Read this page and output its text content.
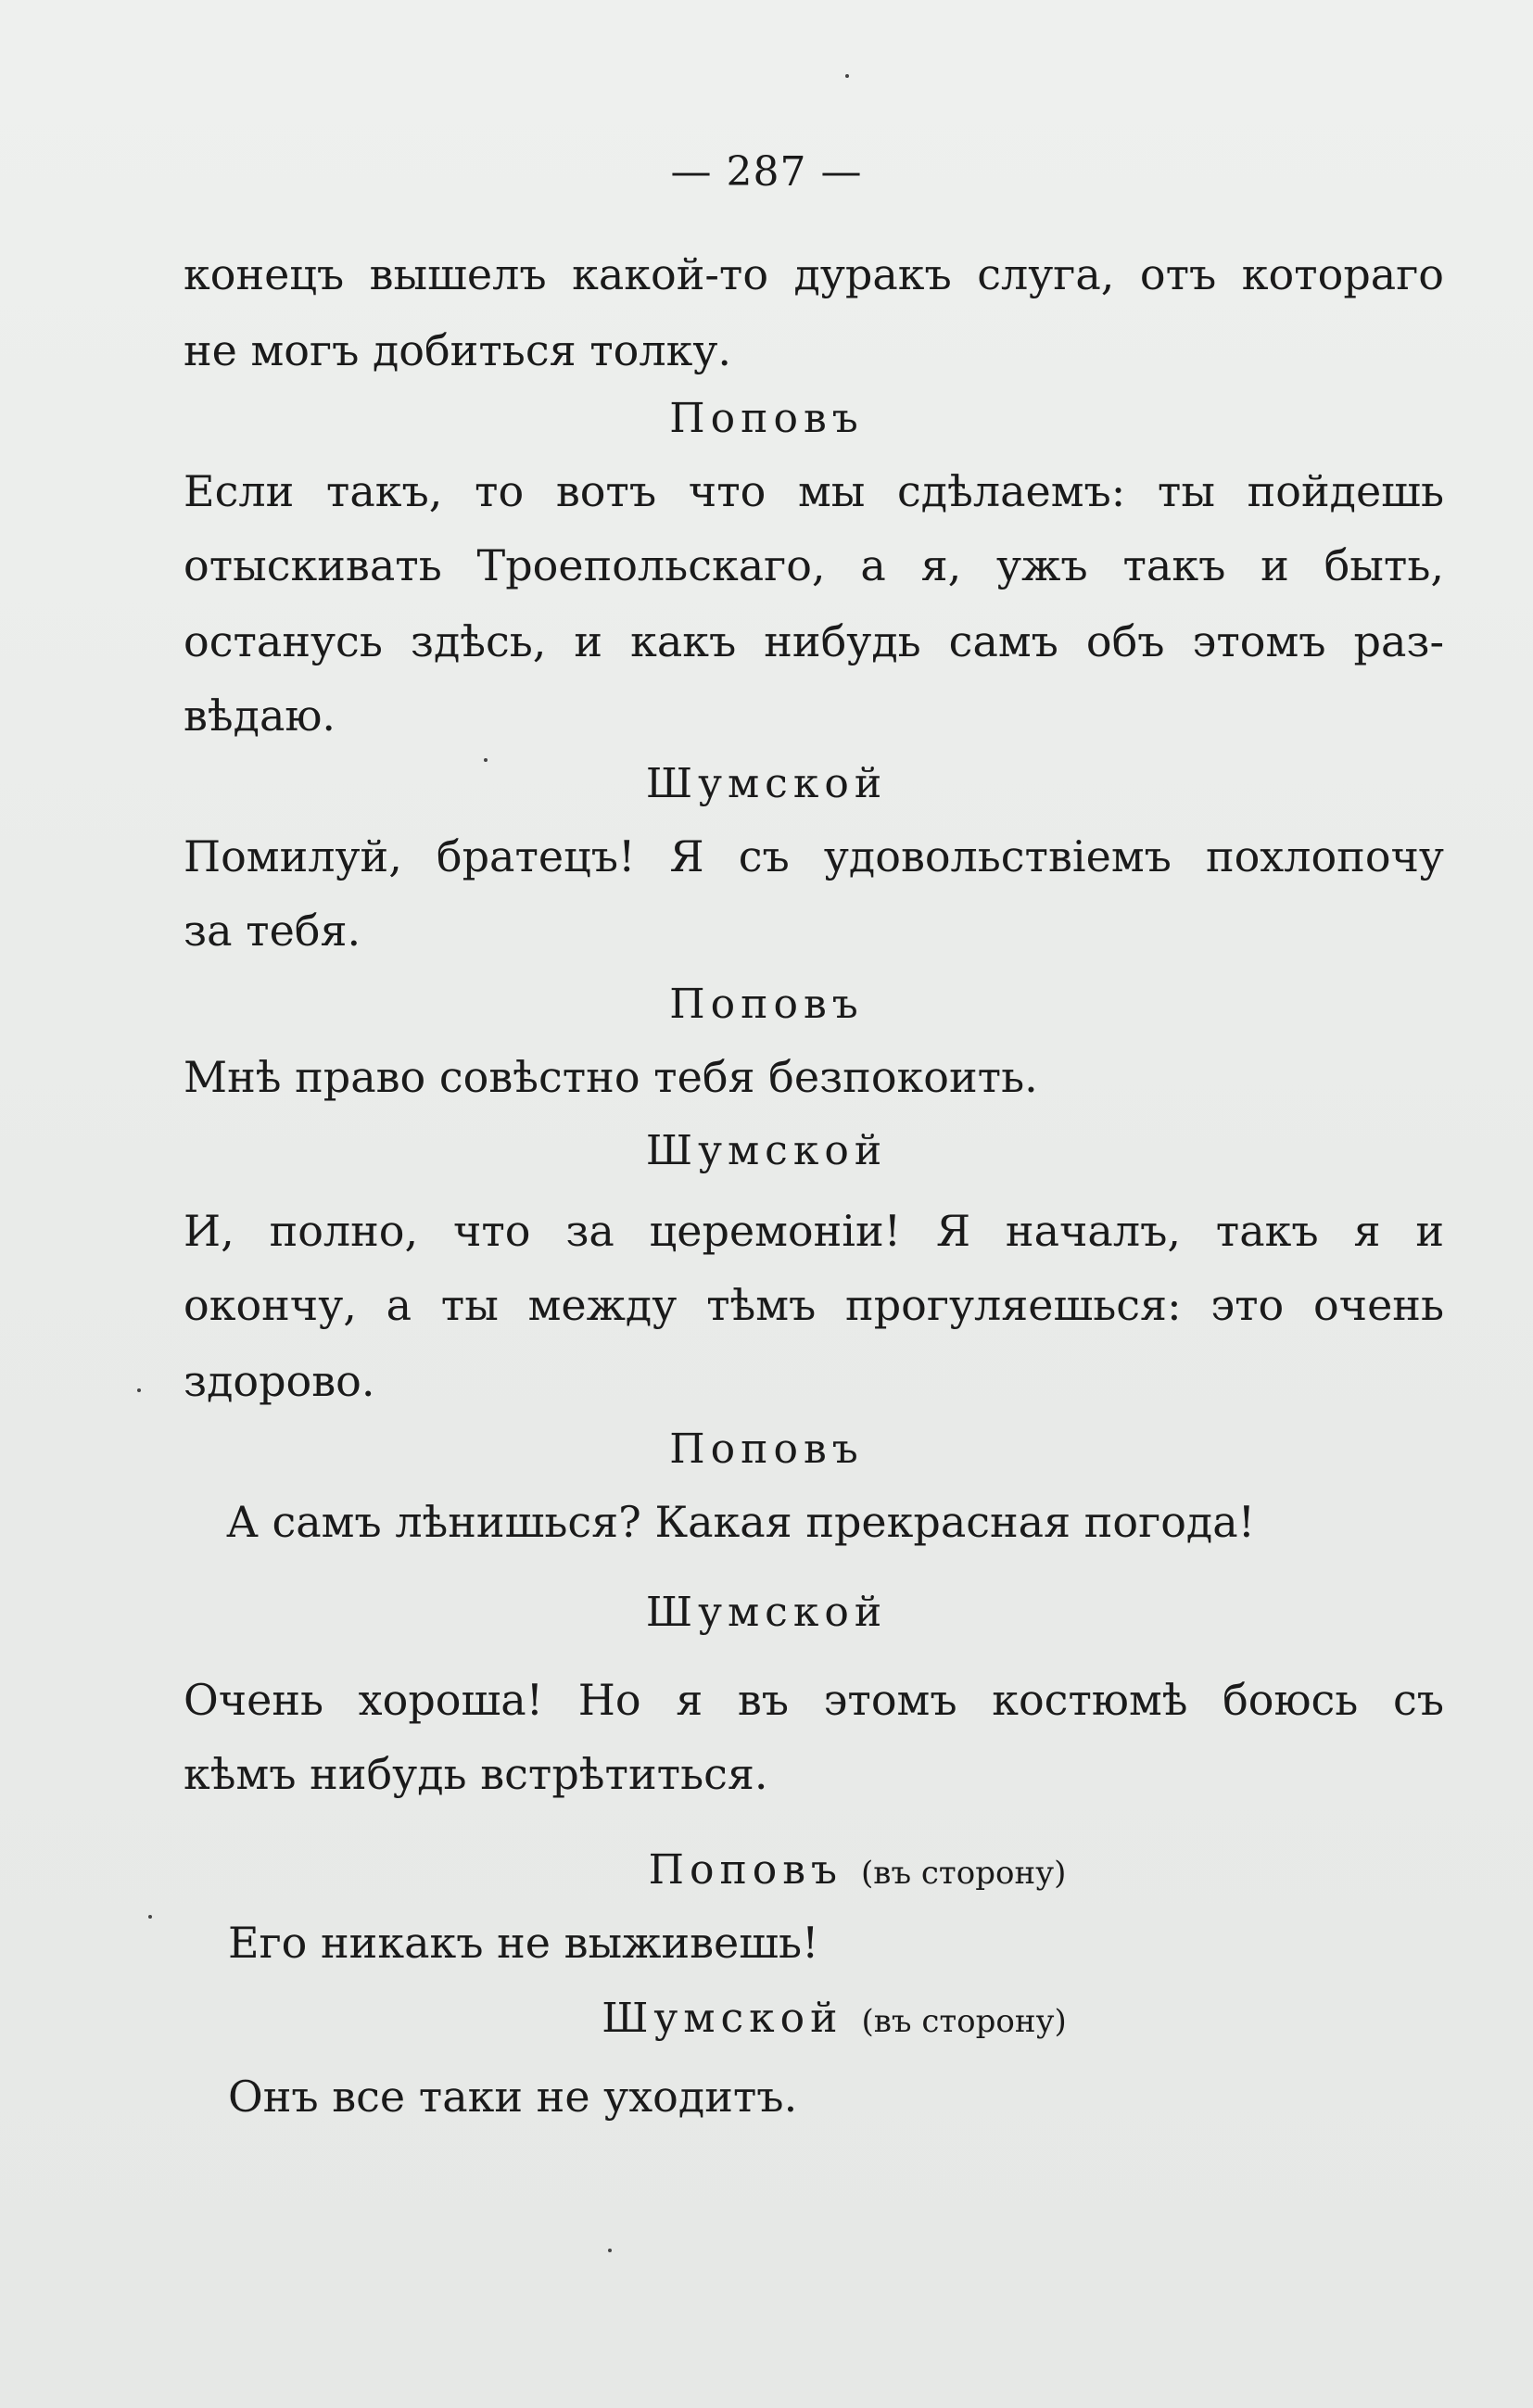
— 287 —
конецъ вышелъ какой-то дуракъ слуга, отъ котораго
не могъ добиться толку.
Поповъ
Если такъ, то вотъ что мы сдѣлаемъ: ты пойдешь
отыскивать Троепольскаго, а я, ужъ такъ и быть,
останусь здѣсь, и какъ нибудь самъ объ этомъ раз-
вѣдаю.
Шумской
Помилуй, братецъ! Я съ удовольствіемъ похлопочу
за тебя.
Поповъ
Мнѣ право совѣстно тебя безпокоить.
Шумской
И, полно, что за церемоніи! Я началъ, такъ я и
окончу, а ты между тѣмъ прогуляешься: это очень
здорово.
Поповъ
А самъ лѣнишься? Какая прекрасная погода!
Шумской
Очень хороша! Но я въ этомъ костюмѣ боюсь съ
кѣмъ нибудь встрѣтиться.
Поповъ (въ сторону)
Его никакъ не выживешь!
Шумской (въ сторону)
Онъ все таки не уходитъ.
